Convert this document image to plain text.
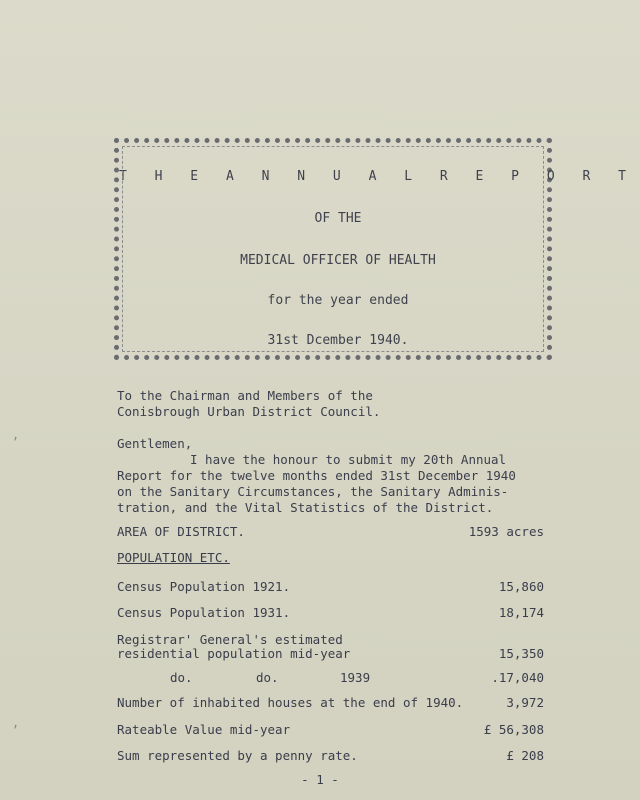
T H E A N N U A L R E P O R T
OF THE
MEDICAL OFFICER OF HEALTH
for the year ended
31st Dcember 1940.
To the Chairman and Members of the
Conisbrough Urban District Council.
Gentlemen,
I have the honour to submit my 20th Annual
Report for the twelve months ended 31st December 1940
on the Sanitary Circumstances, the Sanitary Adminis-
tration, and the Vital Statistics of the District.
AREA OF DISTRICT.	1593 acres
POPULATION ETC.
Census Population 1921.	15,860
Census Population 1931.	18,174
Registrar' General's estimated
residential population mid-year	15,350
do.	do.	1939	.17,040
Number of inhabited houses at the end of 1940.	3,972
Rateable Value mid-year	£ 56,308
Sum represented by a penny rate.	£ 208
- 1 -
,
,
